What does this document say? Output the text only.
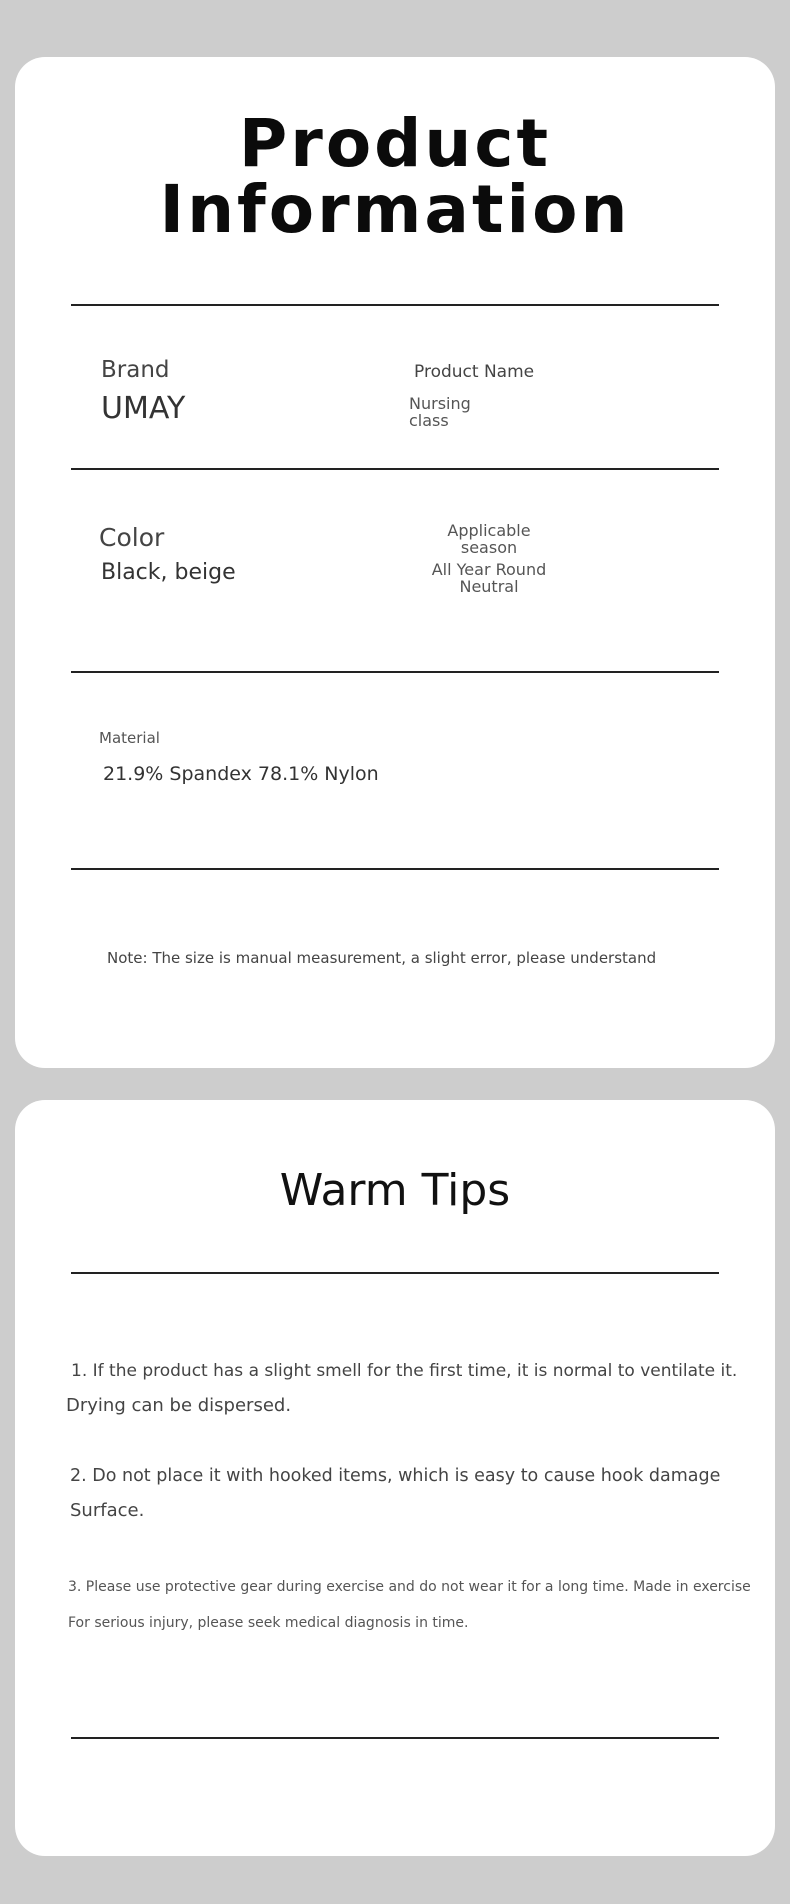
Product
Information
Brand
UMAY
Product Name
Nursing
class
Color
Black, beige
Applicable
season
All Year Round
Neutral
Material
21.9% Spandex 78.1% Nylon
Note: The size is manual measurement, a slight error, please understand
Warm Tips
1. If the product has a slight smell for the first time, it is normal to ventilate it.
Drying can be dispersed.
2. Do not place it with hooked items, which is easy to cause hook damage
Surface.
3. Please use protective gear during exercise and do not wear it for a long time. Made in exercise
For serious injury, please seek medical diagnosis in time.
